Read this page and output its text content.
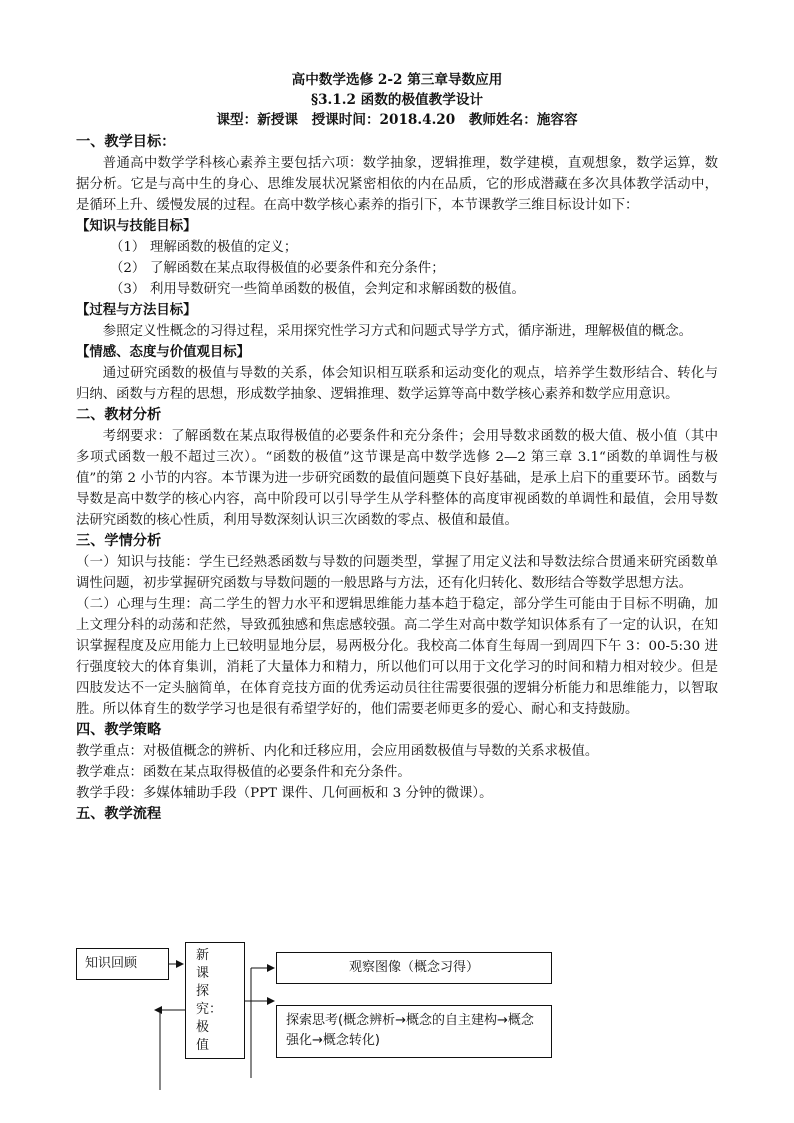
高中数学选修 2-2 第三章导数应用

§3.1.2 函数的极值教学设计

课型：新授课　授课时间：2018.4.20　教师姓名：施容容

一、教学目标：

普通高中数学学科核心素养主要包括六项：数学抽象，逻辑推理，数学建模，直观想象，数学运算，数据分析。它是与高中生的身心、思维发展状况紧密相依的内在品质，它的形成潜藏在多次具体教学活动中，是循环上升、缓慢发展的过程。在高中数学核心素养的指引下，本节课教学三维目标设计如下：

【知识与技能目标】

（1） 理解函数的极值的定义；

（2） 了解函数在某点取得极值的必要条件和充分条件；

（3） 利用导数研究一些简单函数的极值，会判定和求解函数的极值。

【过程与方法目标】

参照定义性概念的习得过程，采用探究性学习方式和问题式导学方式，循序渐进，理解极值的概念。

【情感、态度与价值观目标】

通过研究函数的极值与导数的关系，体会知识相互联系和运动变化的观点，培养学生数形结合、转化与归纳、函数与方程的思想，形成数学抽象、逻辑推理、数学运算等高中数学核心素养和数学应用意识。

二、教材分析

考纲要求：了解函数在某点取得极值的必要条件和充分条件；会用导数求函数的极大值、极小值（其中多项式函数一般不超过三次）。“函数的极值”这节课是高中数学选修 2—2 第三章 3.1“函数的单调性与极值”的第 2 小节的内容。本节课为进一步研究函数的最值问题奠下良好基础，是承上启下的重要环节。函数与导数是高中数学的核心内容，高中阶段可以引导学生从学科整体的高度审视函数的单调性和最值，会用导数法研究函数的核心性质，利用导数深刻认识三次函数的零点、极值和最值。

三、学情分析

（一）知识与技能：学生已经熟悉函数与导数的问题类型，掌握了用定义法和导数法综合贯通来研究函数单调性问题，初步掌握研究函数与导数问题的一般思路与方法，还有化归转化、数形结合等数学思想方法。

（二）心理与生理：高二学生的智力水平和逻辑思维能力基本趋于稳定，部分学生可能由于目标不明确，加上文理分科的动荡和茫然，导致孤独感和焦虑感较强。高二学生对高中数学知识体系有了一定的认识，在知识掌握程度及应用能力上已较明显地分层，易两极分化。我校高二体育生每周一到周四下午 3：00-5:30 进行强度较大的体育集训，消耗了大量体力和精力，所以他们可以用于文化学习的时间和精力相对较少。但是四肢发达不一定头脑简单，在体育竞技方面的优秀运动员往往需要很强的逻辑分析能力和思维能力，以智取胜。所以体育生的数学学习也是很有希望学好的，他们需要老师更多的爱心、耐心和支持鼓励。

四、教学策略

教学重点：对极值概念的辨析、内化和迁移应用，会应用函数极值与导数的关系求极值。

教学难点：函数在某点取得极值的必要条件和充分条件。

教学手段：多媒体辅助手段（PPT 课件、几何画板和 3 分钟的微课）。

五、教学流程

知识回顾
新课探究：极值
观察图像（概念习得）
探索思考(概念辨析→概念的自主建构→概念强化→概念转化)
